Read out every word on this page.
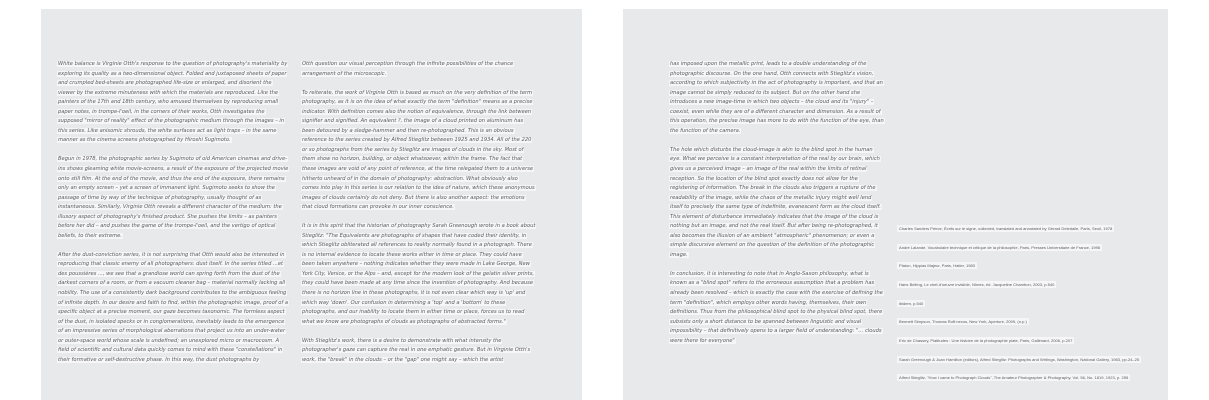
White balance is Virginie Otth's response to the question of photography's materiality by exploring its quality as a two-dimensional object. Folded and juxtaposed sheets of paper and crumpled bed-sheets are photographed life-size or enlarged, and disorient the viewer by the extreme minuteness with which the materials are reproduced. Like the painters of the 17th and 18th century, who amused themselves by reproducing small paper notes, in trompe-l'oeil, in the corners of their works, Otth investigates the supposed "mirror of reality" effect of the photographic medium through the images – in this series. Like anisomic shrouds, the white surfaces act as light traps – in the same manner as the cinema screens photographed by Hiroshi Sugimoto.

Begun in 1978, the photographic series by Sugimoto of old American cinemas and drive-ins shows gleaming white movie-screens, a result of the exposure of the projected movie onto still film. At the end of the movie, and thus the end of the exposure, there remains only an empty screen – yet a screen of immanent light. Sugimoto seeks to show the passage of time by way of the technique of photography, usually thought of as instantaneous. Similarly, Virginie Otth reveals a different character of the medium: the illusory aspect of photography's finished product. She pushes the limits – as painters before her did – and pushes the game of the trompe-l'oeil, and the vertigo of optical beliefs, to their extreme.

After the dust-conviction series, it is not surprising that Otth would also be interested in reproducing that classic enemy of all photographers: dust itself. In the series titled ...et des poussières ..., we see that a grandiose world can spring forth from the dust of the darkest corners of a room, or from a vacuum cleaner bag – material normally lacking all nobility. The use of a consistently dark background contributes to the ambiguous feeling of infinite depth. In our desire and faith to find, within the photographic image, proof of a specific object at a precise moment, our gaze becomes taxonomic. The formless aspect of the dust, in isolated specks or in conglomerations, inevitably leads to the emergence of an impressive series of morphological aberrations that project us into an under-water or outer-space world whose scale is undefined; an unexplored micro or macrocosm. A field of scientific and cultural data quickly comes to mind with these "constellations" in their formative or self-destructive phase. In this way, the dust photographs by

Otth question our visual perception through the infinite possibilities of the chance arrangement of the microscopic.

To reiterate, the work of Virginie Otth is based as much on the very definition of the term photography, as it is on the idea of what exactly the term "definition" means as a precise indicator. With definition comes also the notion of equivalence, through the link between signifier and signified. An equivalent ?, the image of a cloud printed on aluminum has been detoured by a sledge-hammer and then re-photographed. This is an obvious reference to the series created by Alfred Stieglitz between 1925 and 1934. All of the 220 or so photographs from the series by Stieglitz are images of clouds in the sky. Most of them show no horizon, building, or object whatsoever, within the frame. The fact that these images are void of any point of reference, at the time relegated them to a universe hitherto unheard of in the domain of photography: abstraction. What obviously also comes into play in this series is our relation to the idea of nature, which these anonymous images of clouds certainly do not deny. But there is also another aspect: the emotions that cloud formations can provoke in our inner conscience.

It is in this spirit that the historian of photography Sarah Greenough wrote in a book about Stieglitz: "The Equivalents are photographs of shapes that have coded their identity, in which Stieglitz obliterated all references to reality normally found in a photograph. There is no internal evidence to locate these works either in time or place. They could have been taken anywhere – nothing indicates whether they were made in Lake George, New York City, Venice, or the Alps – and, except for the modern look of the gelatin silver prints, they could have been made at any time since the invention of photography. And because there is no horizon line in these photographs, it is not even clear which way is 'up' and which way 'down'. Our confusion in determining a 'top' and a 'bottom' to these photographs, and our inability to locate them in either time or place, forces us to read what we know are photographs of clouds as photographs of abstracted forms."

With Stieglitz's work, there is a desire to demonstrate with what intensity the photographer's gaze can capture the real in one emphatic gesture. But in Virginie Otth's work, the "break" in the clouds – or the "gap" one might say – which the artist

has imposed upon the metallic print, leads to a double understanding of the photographic discourse. On the one hand, Otth connects with Stieglitz's vision, according to which subjectivity in the act of photography is important, and that an image cannot be simply reduced to its subject. But on the other hand she introduces a new image-time in which two objects – the cloud and its "injury" – coexist, even while they are of a different character and dimension. As a result of this operation, the precise image has more to do with the function of the eye, than the function of the camera.

The hole which disturbs the cloud-image is akin to the blind spot in the human eye. What we perceive is a constant interpretation of the real by our brain, which gives us a perceived image – an image of the real within the limits of retinal reception. So the location of the blind spot exactly does not allow for the registering of information. The break in the clouds also triggers a rupture of the readability of the image, while the chaos of the metallic injury might well lend itself to precisely the same type of indefinite, evanescent form as the cloud itself. This element of disturbance immediately indicates that the image of the cloud is nothing but an image, and not the real itself. But after being re-photographed, it also becomes the illusion of an ambient "atmospheric" phenomenon; or even a simple discursive element on the question of the definition of the photographic image.

In conclusion, it is interesting to note that in Anglo-Saxon philosophy, what is known as a "blind spot" refers to the erroneous assumption that a problem has already been resolved – which is exactly the case with the exercise of defining the term "definition", which employs other words having, themselves, their own definitions. Thus from the philosophical blind spot to the physical blind spot, there subsists only a short distance to be spanned between linguistic and visual impossibility – that definitively opens to a larger field of understanding: "... clouds were there for everyone"

Charles Sanders Peirce, Écrits sur le signe, collected, translated and annotated by Gérard Deledalle, Paris, Seuil, 1978
André Lalande, Vocabulaire technique et critique de la philosophie, Paris, Presses Universitaire de France, 1996
Platon, Hippias Majeur, Paris, Hatier, 1983
Hans Belting, Le chef-d'oeuvre invisible, Nîmes, éd. Jacqueline Chambon, 2003, p.540
ibidem, p.540
Bennett Simpson, Thomas Ruff.nexus, New York, Aperture, 2009, (n.p.)
Eric de Chassey, Platitudes : Une histoire de la photographie plate, Paris, Gallimard, 2006, p.207
Sarah Greenough & Juan Hamilton (editors), Alfred Stieglitz: Photographs and Writings, Washington, National Gallery, 1983, pp.24–25
Alfred Stieglitz, "How I came to Photograph Clouds", The Amateur Photographer & Photography, Vol. 56, No. 1819, 1923, p. 255
